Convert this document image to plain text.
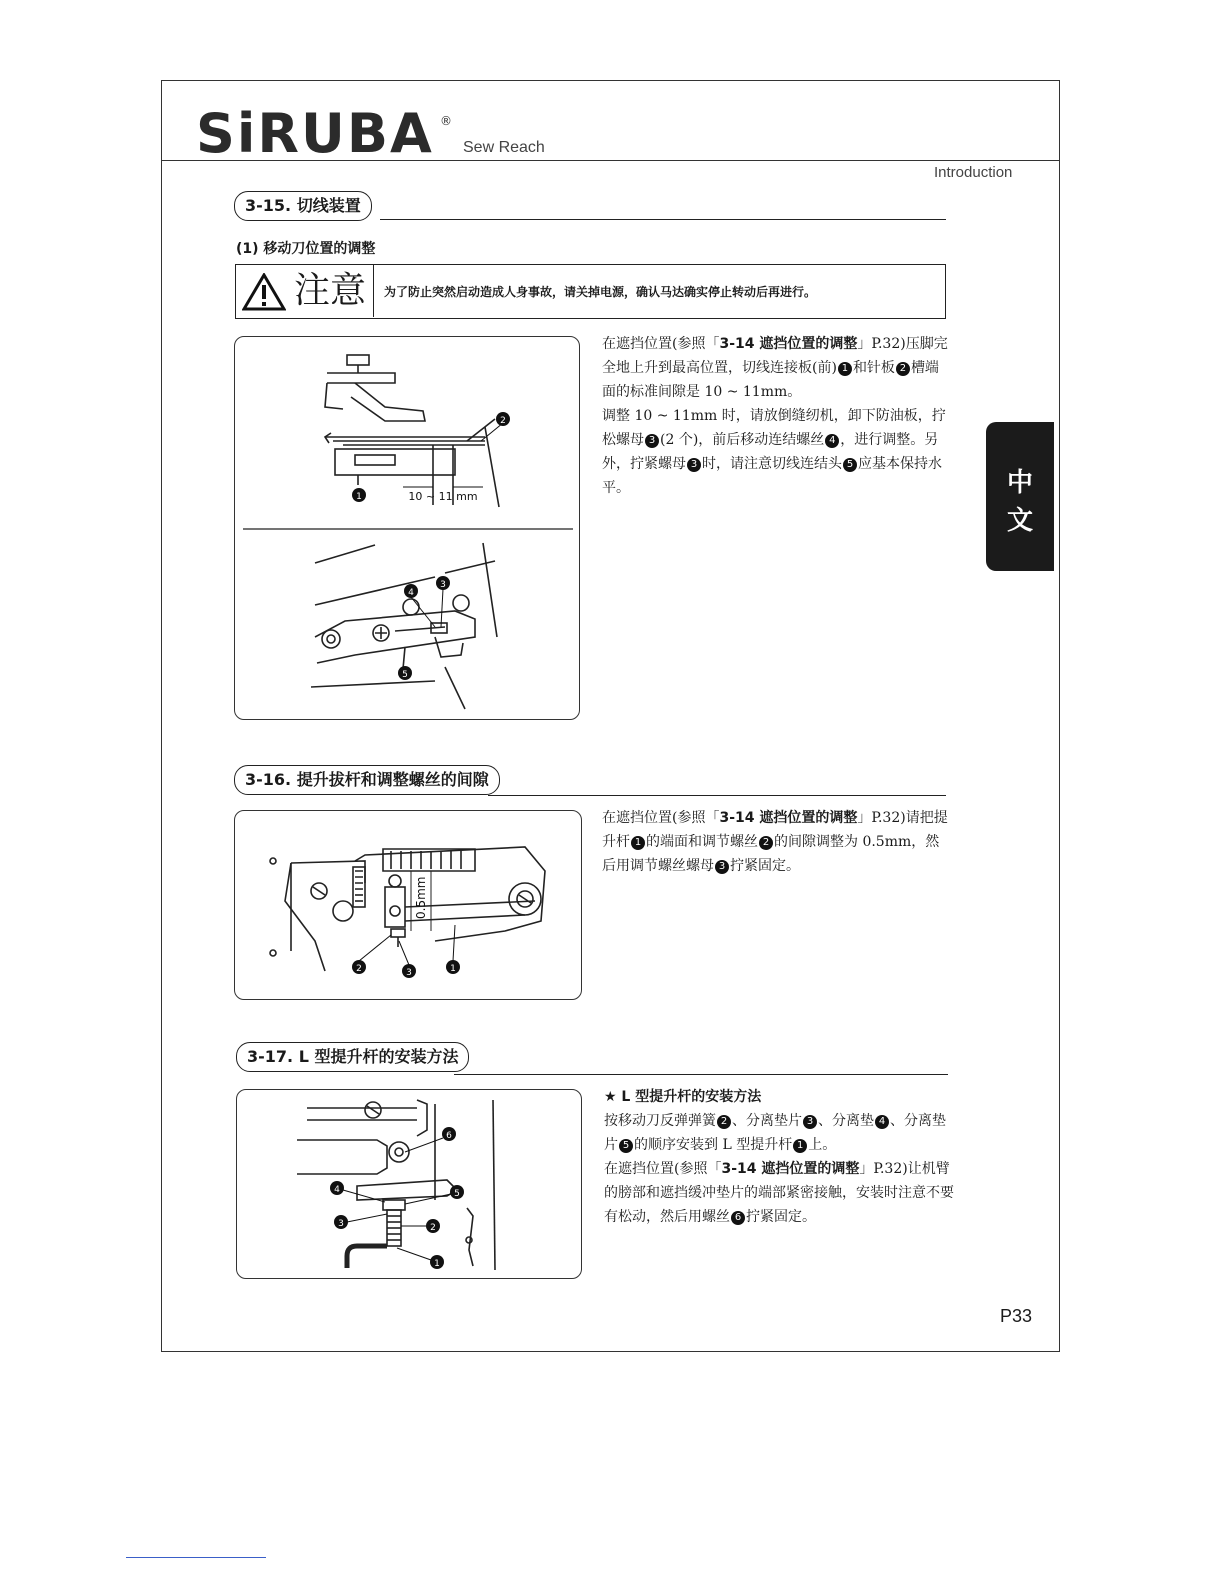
SiRUBA ®
Sew Reach
Introduction
3-15. 切线装置
(1) 移动刀位置的调整
注意 为了防止突然启动造成人身事故，请关掉电源，确认马达确实停止转动后再进行。
2
1	10 ~ 11 mm
4
3
5

在遮挡位置(参照「3-14 遮挡位置的调整」P.32)压脚完全地上升到最高位置，切线连接板(前) 1 和针板 2 槽端面的标准间隙是 10 ~ 11mm。

调整 10 ~ 11mm 时，请放倒缝纫机，卸下防油板，拧松螺母 3 (2 个)，前后移动连结螺丝 4 ，进行调整。另外，拧紧螺母 3 时，请注意切线连结头 5 应基本保持水平。

3-16. 提升拔杆和调整螺丝的间隙
0.5mm
2	3	1

在遮挡位置(参照「3-14 遮挡位置的调整」P.32)请把提升杆 1 的端面和调节螺丝 2 的间隙调整为 0.5mm，然后用调节螺丝螺母 3 拧紧固定。

3-17. L 型提升杆的安装方法
6
4	5
3	2
1

★ L 型提升杆的安装方法

按移动刀反弹弹簧 2 、分离垫片 3 、分离垫 4 、分离垫片 5 的顺序安装到 L 型提升杆 1 上。

在遮挡位置(参照「3-14 遮挡位置的调整」P.32)让机臂的膀部和遮挡缓冲垫片的端部紧密接触，安装时注意不要有松动，然后用螺丝 6 拧紧固定。

中
文
P33
